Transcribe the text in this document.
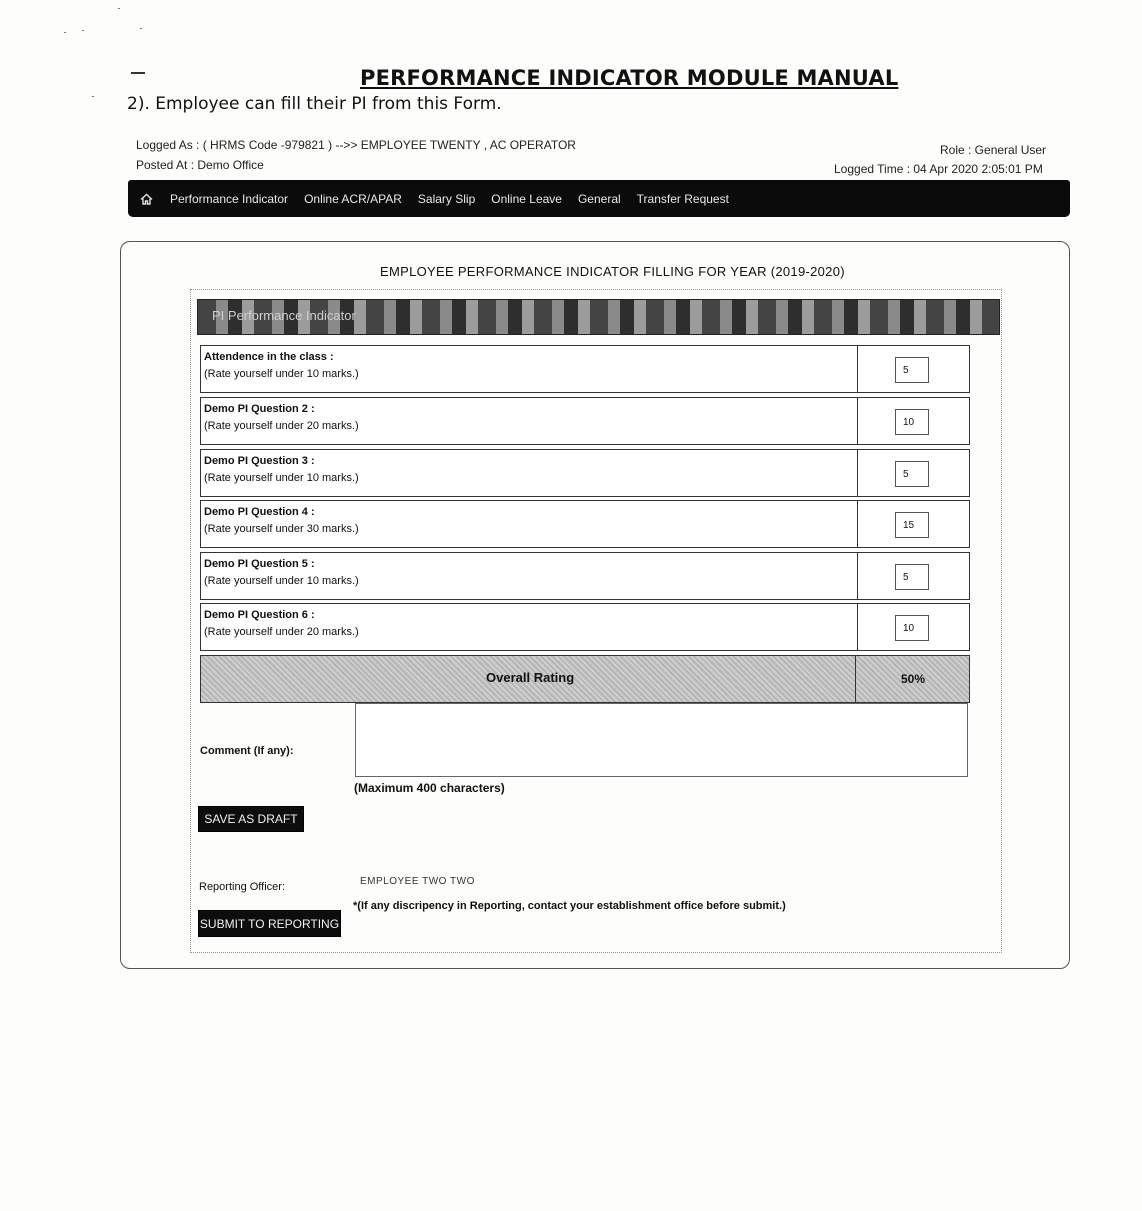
PERFORMANCE INDICATOR MODULE MANUAL
2). Employee can fill their PI from this Form.
Logged As : ( HRMS Code -979821 ) -->> EMPLOYEE TWENTY , AC OPERATOR
Posted At : Demo Office
Role : General User
Logged Time : 04 Apr 2020 2:05:01 PM
Performance Indicator Online ACR/APAR Salary Slip Online Leave General Transfer Request
EMPLOYEE PERFORMANCE INDICATOR FILLING FOR YEAR (2019-2020)
PI Performance Indicator
Attendence in the class :
(Rate yourself under 10 marks.)	5
Demo PI Question 2 :
(Rate yourself under 20 marks.)	10
Demo PI Question 3 :
(Rate yourself under 10 marks.)	5
Demo PI Question 4 :
(Rate yourself under 30 marks.)	15
Demo PI Question 5 :
(Rate yourself under 10 marks.)	5
Demo PI Question 6 :
(Rate yourself under 20 marks.)	10
Overall Rating	50%
Comment (If any):
(Maximum 400 characters)
SAVE AS DRAFT
Reporting Officer:	EMPLOYEE TWO TWO
*(If any discripency in Reporting, contact your establishment office before submit.)
SUBMIT TO REPORTING
